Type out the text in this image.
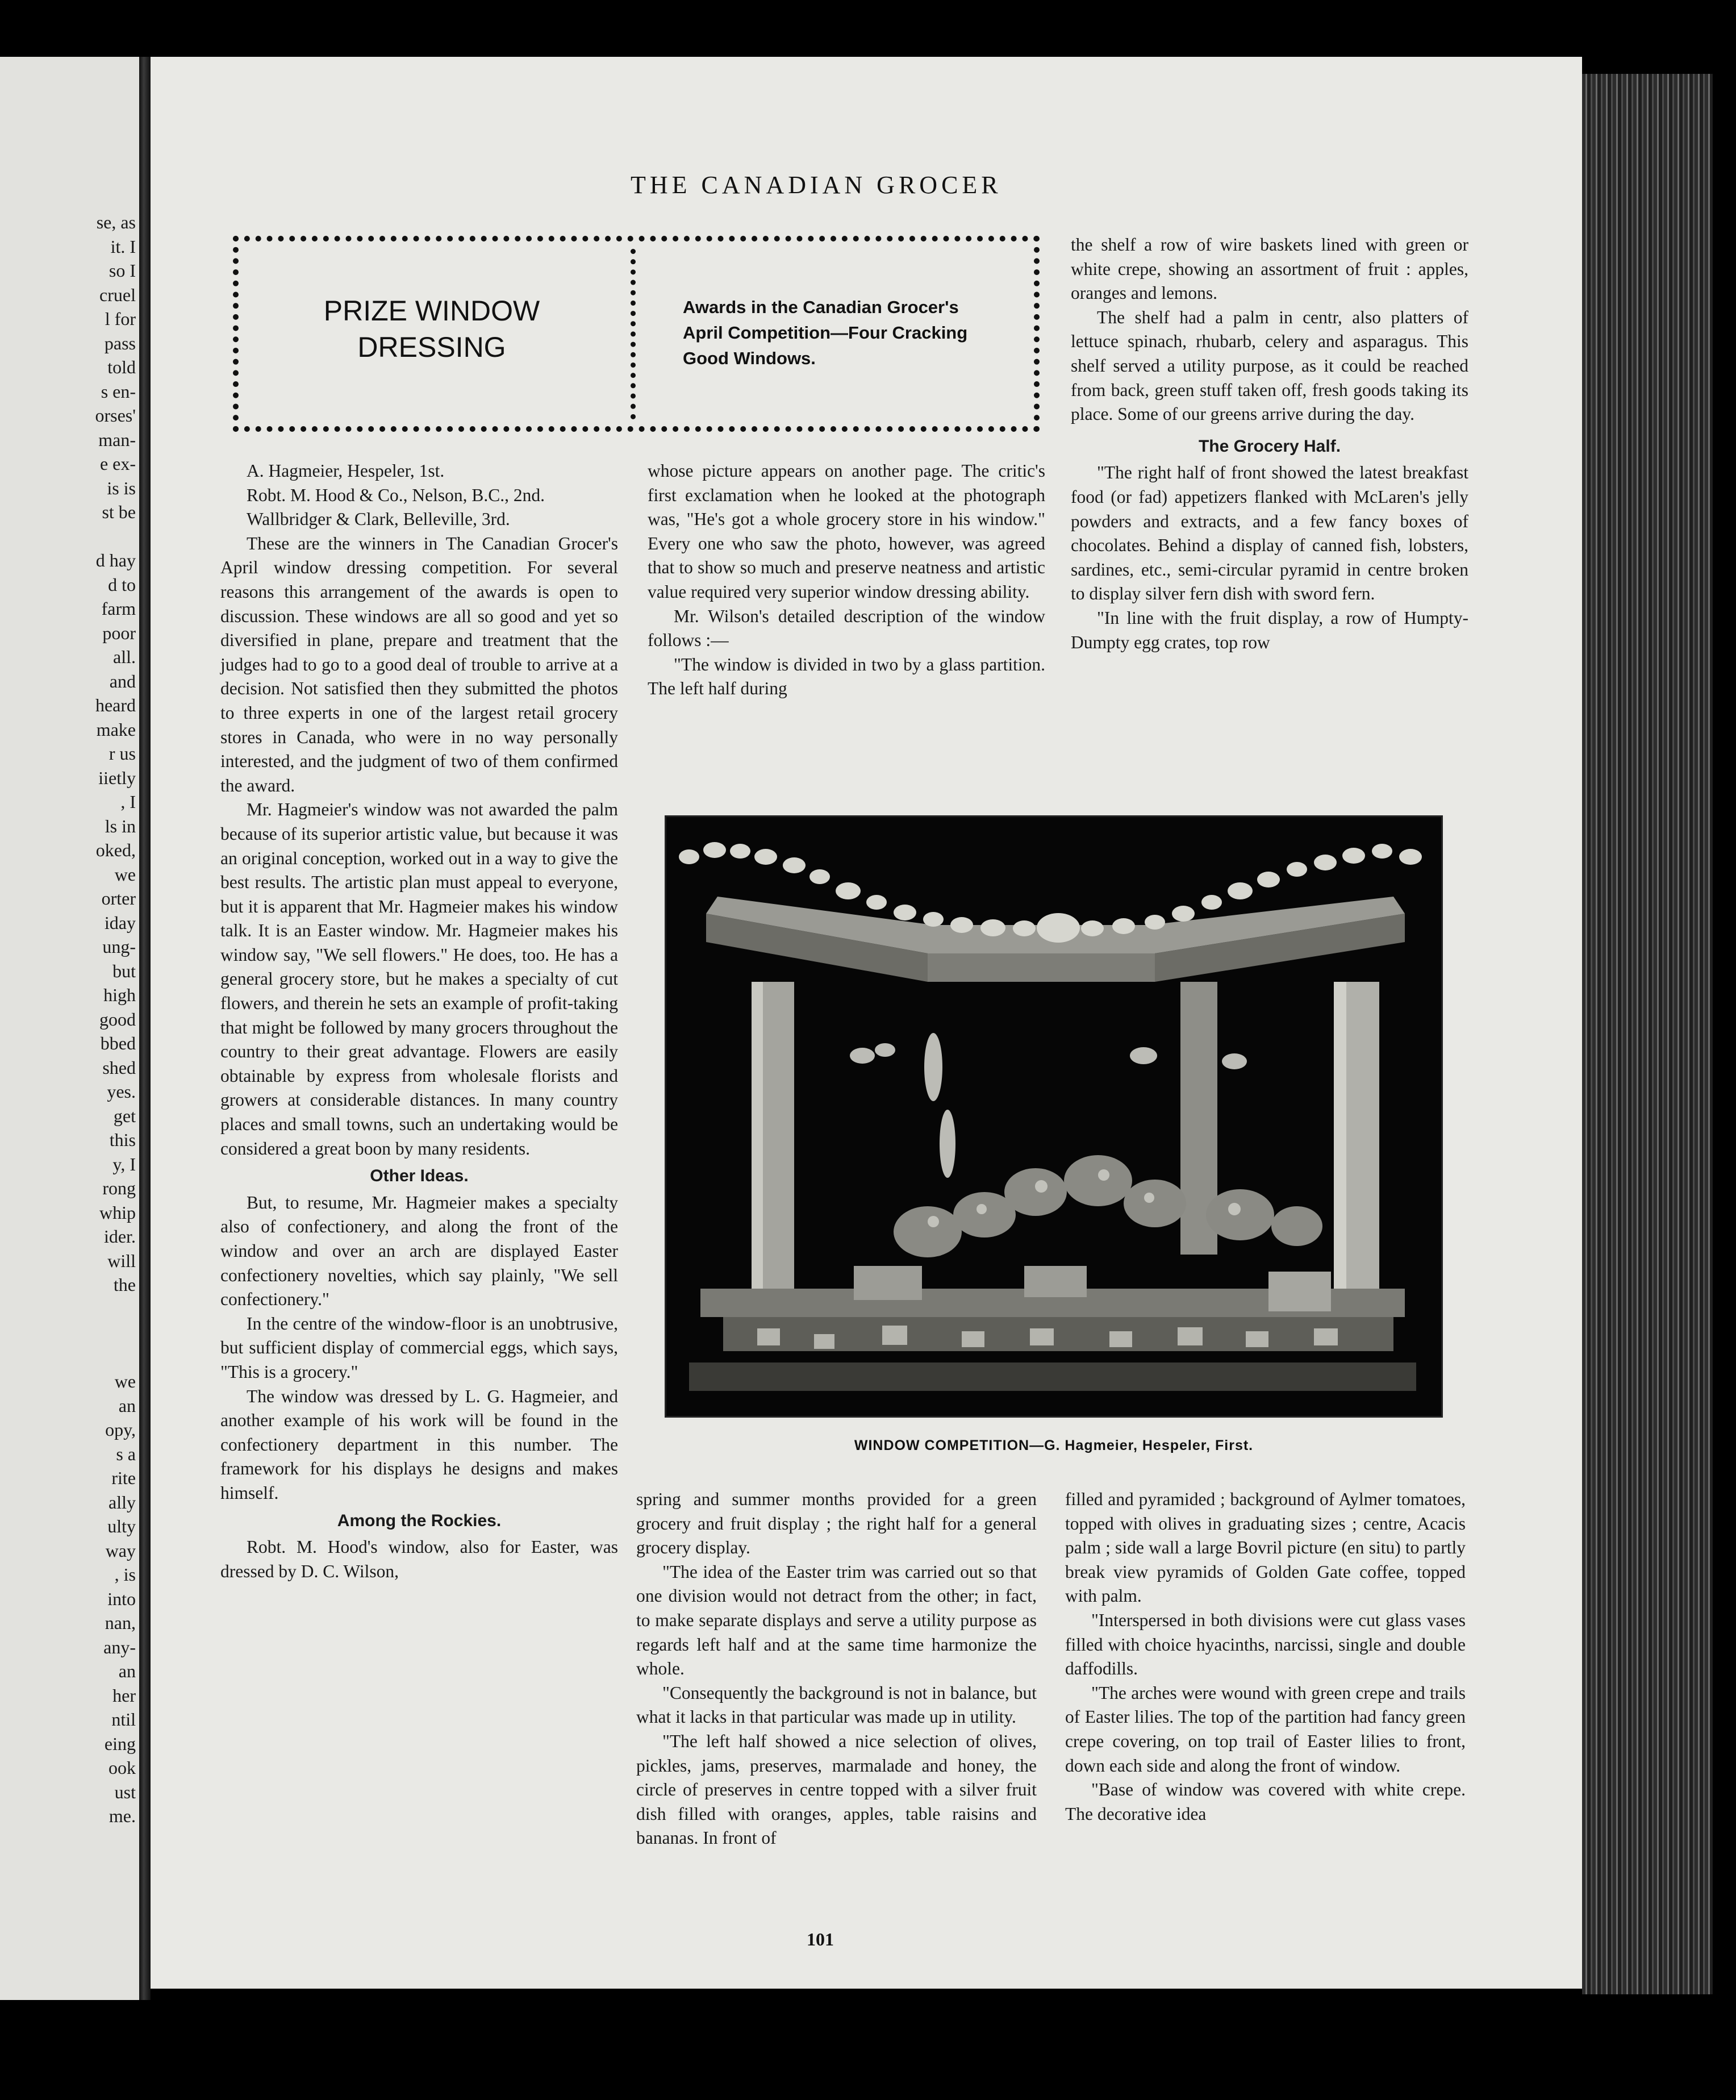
se, as
it. I
so I
cruel
l for
pass
told
s en-
orses'
man-
e ex-
is is
st be
d hay
d to
farm
poor
all.
and
heard
make
r us
iietly
, I
ls in
oked,
we
orter
iday
ung-
but
high
good
bbed
shed
yes.
get
this
y, I
rong
whip
ider.
will
the
we
an
opy,
s a
rite
ally
ulty
way
, is
into
nan,
any-
an
her
ntil
eing
ook
ust
me.
THE CANADIAN GROCER
PRIZE WINDOW
DRESSING
Awards in the Canadian Grocer's
April Competition—Four Cracking
Good Windows.

A. Hagmeier, Hespeler, 1st.

Robt. M. Hood & Co., Nelson, B.C., 2nd.

Wallbridger & Clark, Belleville, 3rd.

These are the winners in The Canadian Grocer's April window dressing competition. For several reasons this arrangement of the awards is open to discussion. These windows are all so good and yet so diversified in plane, prepare and treatment that the judges had to go to a good deal of trouble to arrive at a decision. Not satisfied then they submitted the photos to three experts in one of the largest retail grocery stores in Canada, who were in no way personally interested, and the judgment of two of them confirmed the award.

Mr. Hagmeier's window was not awarded the palm because of its superior artistic value, but because it was an original conception, worked out in a way to give the best results. The artistic plan must appeal to everyone, but it is apparent that Mr. Hagmeier makes his window talk. It is an Easter window. Mr. Hagmeier makes his window say, "We sell flowers." He does, too. He has a general grocery store, but he makes a specialty of cut flowers, and therein he sets an example of profit-taking that might be followed by many grocers throughout the country to their great advantage. Flowers are easily obtainable by express from wholesale florists and growers at considerable distances. In many country places and small towns, such an undertaking would be considered a great boon by many residents.

Other Ideas.

But, to resume, Mr. Hagmeier makes a specialty also of confectionery, and along the front of the window and over an arch are displayed Easter confectionery novelties, which say plainly, "We sell confectionery."

In the centre of the window-floor is an unobtrusive, but sufficient display of commercial eggs, which says, "This is a grocery."

The window was dressed by L. G. Hagmeier, and another example of his work will be found in the confectionery department in this number. The framework for his displays he designs and makes himself.

Among the Rockies.

Robt. M. Hood's window, also for Easter, was dressed by D. C. Wilson,

whose picture appears on another page. The critic's first exclamation when he looked at the photograph was, "He's got a whole grocery store in his window." Every one who saw the photo, however, was agreed that to show so much and preserve neatness and artistic value required very superior window dressing ability.

Mr. Wilson's detailed description of the window follows :—

"The window is divided in two by a glass partition. The left half during

the shelf a row of wire baskets lined with green or white crepe, showing an assortment of fruit : apples, oranges and lemons.

The shelf had a palm in centr, also platters of lettuce spinach, rhubarb, celery and asparagus. This shelf served a utility purpose, as it could be reached from back, green stuff taken off, fresh goods taking its place. Some of our greens arrive during the day.

The Grocery Half.

"The right half of front showed the latest breakfast food (or fad) appetizers flanked with McLaren's jelly powders and extracts, and a few fancy boxes of chocolates. Behind a display of canned fish, lobsters, sardines, etc., semi-circular pyramid in centre broken to display silver fern dish with sword fern.

"In line with the fruit display, a row of Humpty-Dumpty egg crates, top row

WINDOW COMPETITION—G. Hagmeier, Hespeler, First.

spring and summer months provided for a green grocery and fruit display ; the right half for a general grocery display.

"The idea of the Easter trim was carried out so that one division would not detract from the other; in fact, to make separate displays and serve a utility purpose as regards left half and at the same time harmonize the whole.

"Consequently the background is not in balance, but what it lacks in that particular was made up in utility.

"The left half showed a nice selection of olives, pickles, jams, preserves, marmalade and honey, the circle of preserves in centre topped with a silver fruit dish filled with oranges, apples, table raisins and bananas. In front of

filled and pyramided ; background of Aylmer tomatoes, topped with olives in graduating sizes ; centre, Acacis palm ; side wall a large Bovril picture (en situ) to partly break view pyramids of Golden Gate coffee, topped with palm.

"Interspersed in both divisions were cut glass vases filled with choice hyacinths, narcissi, single and double daffodills.

"The arches were wound with green crepe and trails of Easter lilies. The top of the partition had fancy green crepe covering, on top trail of Easter lilies to front, down each side and along the front of window.

"Base of window was covered with white crepe. The decorative idea

101
